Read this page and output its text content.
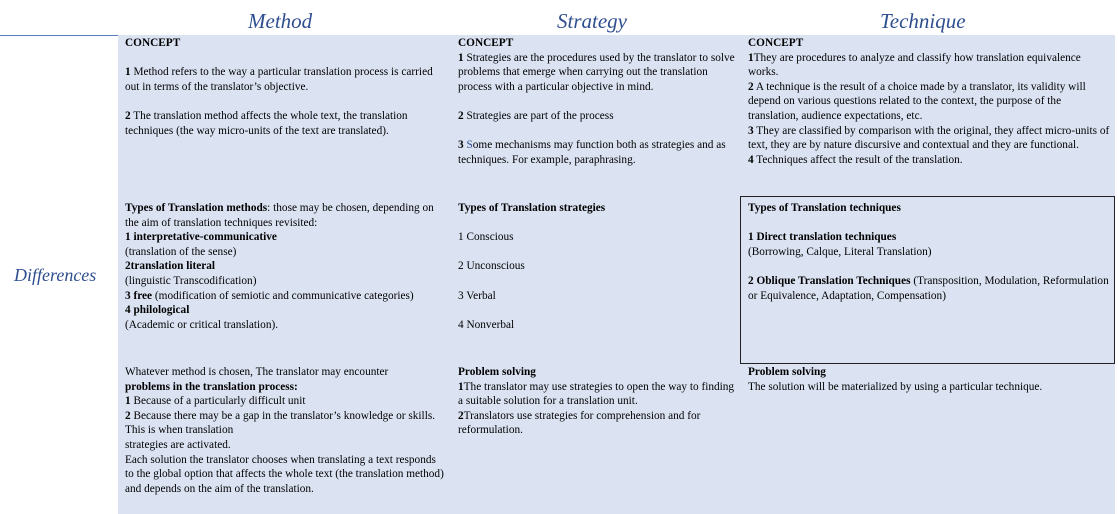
Method	Strategy	Technique
Differences
CONCEPT
1 Method refers to the way a particular translation process is carried out in terms of the translator’s objective.
2 The translation method affects the whole text, the translation techniques (the way micro-units of the text are translated).
CONCEPT
1 Strategies are the procedures used by the translator to solve problems that emerge when carrying out the translation process with a particular objective in mind.
2 Strategies are part of the process
3 Some mechanisms may function both as strategies and as techniques. For example, paraphrasing.
CONCEPT
1They are procedures to analyze and classify how translation equivalence works.
2 A technique is the result of a choice made by a translator, its validity will depend on various questions related to the context, the purpose of the translation, audience expectations, etc.
3 They are classified by comparison with the original, they affect micro-units of text, they are by nature discursive and contextual and they are functional.
4 Techniques affect the result of the translation.
Types of Translation methods: those may be chosen, depending on the aim of translation techniques revisited:
1 interpretative-communicative
(translation of the sense)
2translation literal
(linguistic Transcodification)
3 free (modification of semiotic and communicative categories)
4 philological
(Academic or critical translation).
Types of Translation strategies
1 Conscious
2 Unconscious
3 Verbal
4 Nonverbal
Types of Translation techniques
1 Direct translation techniques
(Borrowing, Calque, Literal Translation)
2 Oblique Translation Techniques (Transposition, Modulation, Reformulation or Equivalence, Adaptation, Compensation)
Whatever method is chosen, The translator may encounter
problems in the translation process:
1 Because of a particularly difficult unit
2 Because there may be a gap in the translator’s knowledge or skills. This is when translation
strategies are activated.
Each solution the translator chooses when translating a text responds to the global option that affects the whole text (the translation method) and depends on the aim of the translation.
Problem solving
1The translator may use strategies to open the way to finding a suitable solution for a translation unit.
2Translators use strategies for comprehension and for reformulation.
Problem solving
The solution will be materialized by using a particular technique.
